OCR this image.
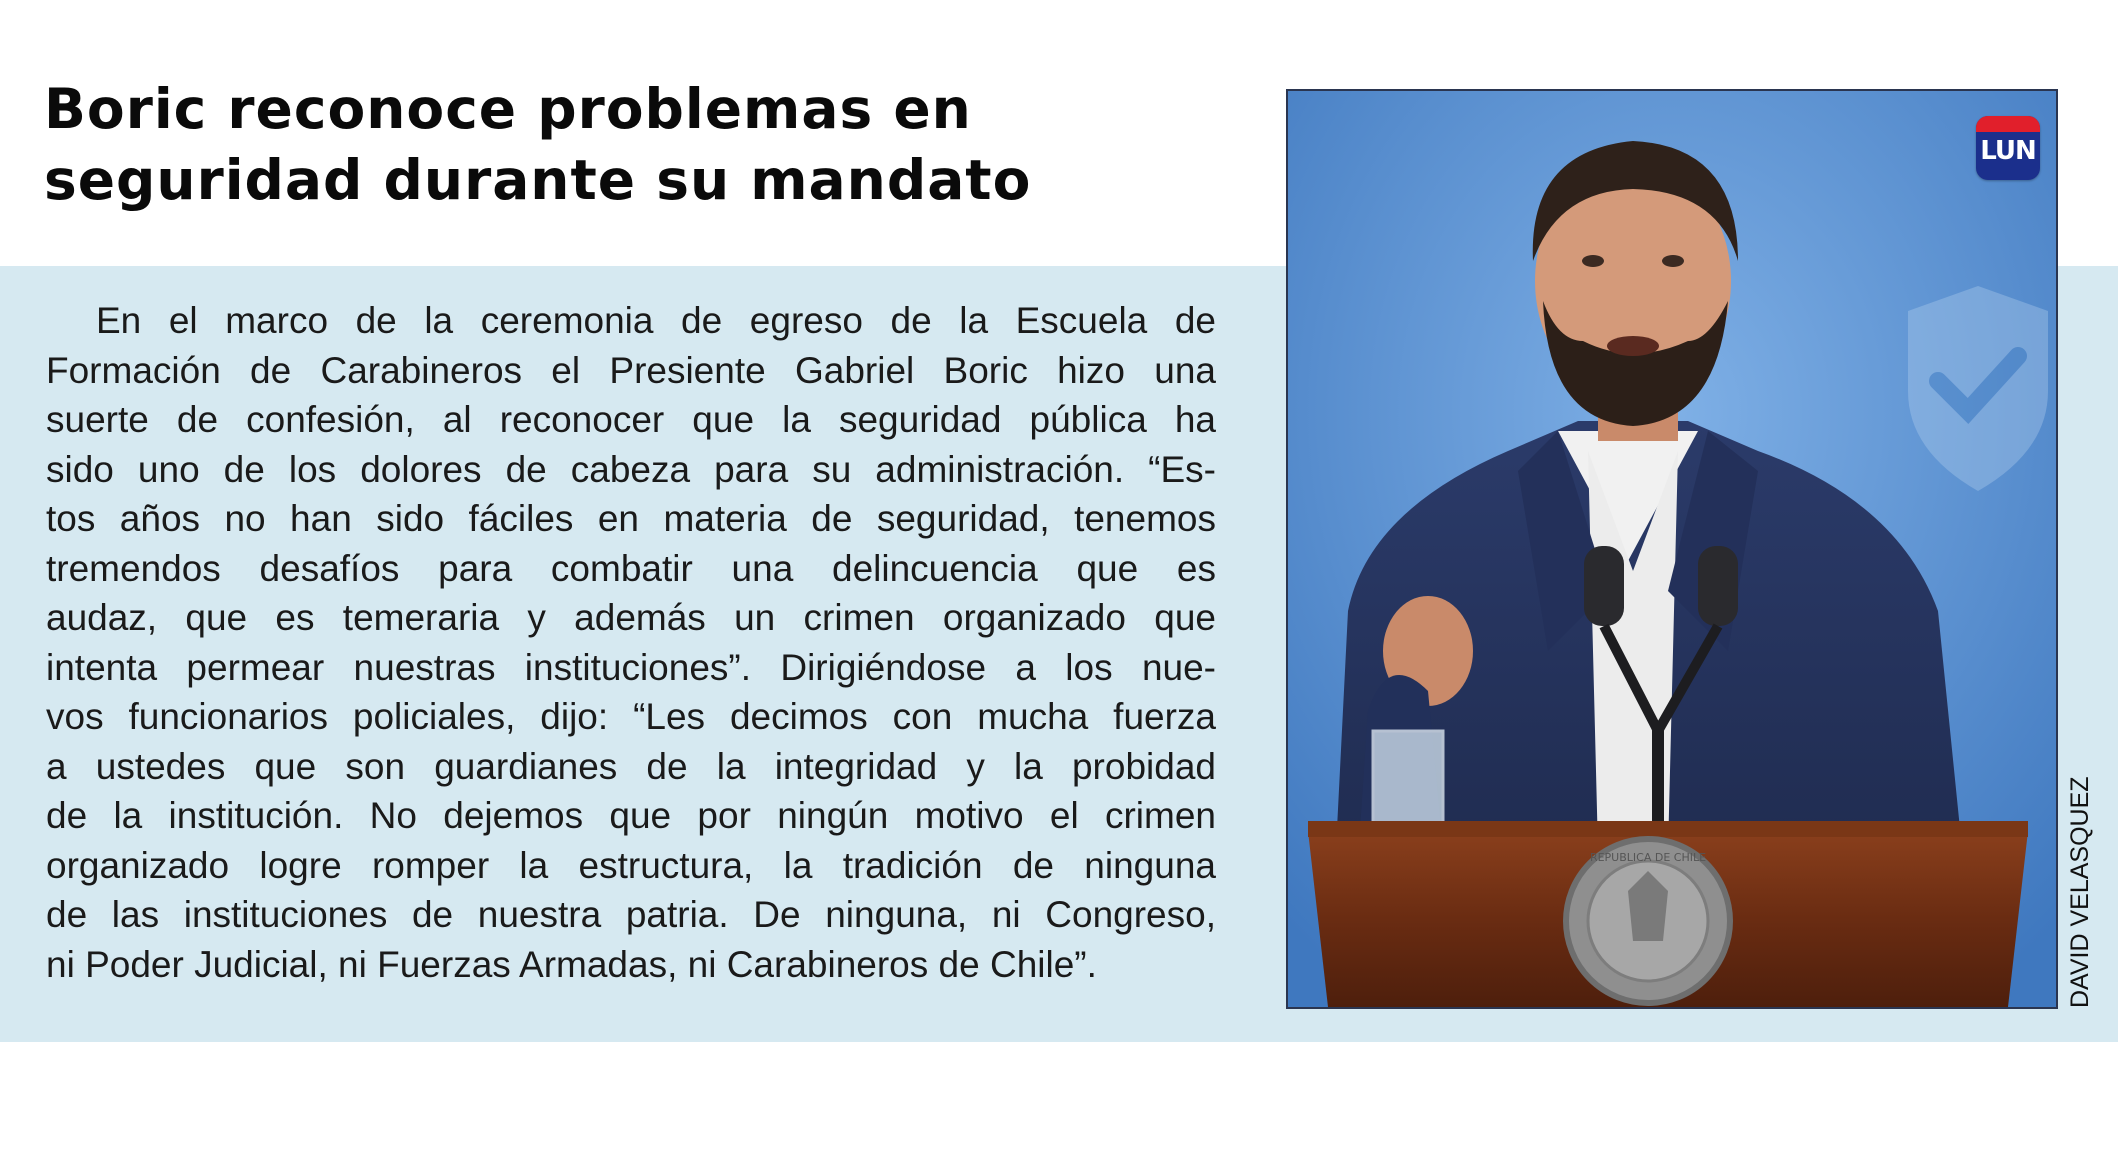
Boric reconoce problemas en
seguridad durante su mandato
En el marco de la ceremonia de egreso de la Escuela de
Formación de Carabineros el Presiente Gabriel Boric hizo una
suerte de confesión, al reconocer que la seguridad pública ha
sido uno de los dolores de cabeza para su administración. “Es-
tos años no han sido fáciles en materia de seguridad, tenemos
tremendos desafíos para combatir una delincuencia que es
audaz, que es temeraria y además un crimen organizado que
intenta permear nuestras instituciones”. Dirigiéndose a los nue-
vos funcionarios policiales, dijo: “Les decimos con mucha fuerza
a ustedes que son guardianes de la integridad y la probidad
de la institución. No dejemos que por ningún motivo el crimen
organizado logre romper la estructura, la tradición de ninguna
de las instituciones de nuestra patria. De ninguna, ni Congreso,
ni Poder Judicial, ni Fuerzas Armadas, ni Carabineros de Chile”.
REPUBLICA DE CHILE
LUN
DAVID VELASQUEZ
